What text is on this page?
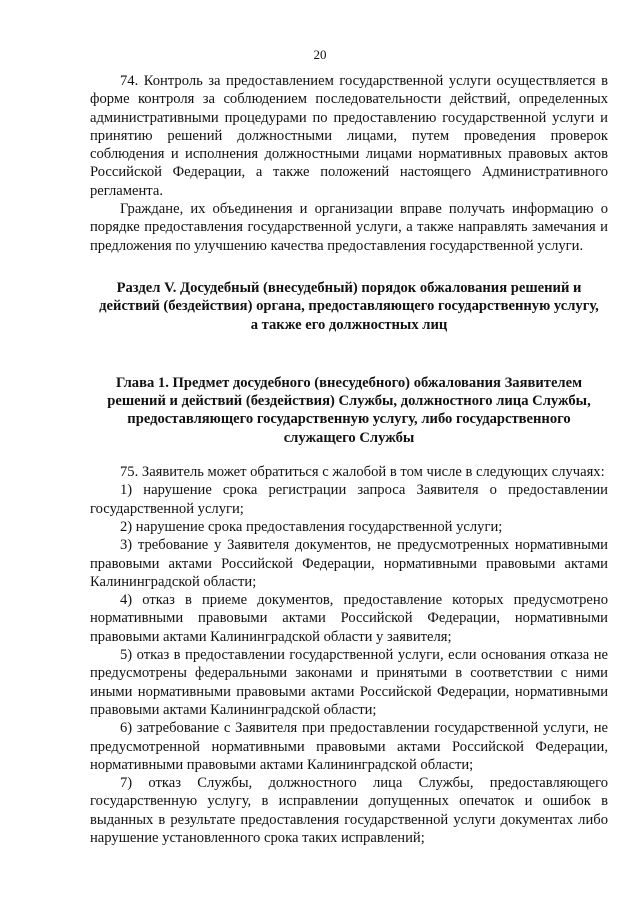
20

74. Контроль за предоставлением государственной услуги осуществляется в форме контроля за соблюдением последовательности действий, определенных административными процедурами по предоставлению государственной услуги и принятию решений должностными лицами, путем проведения проверок соблюдения и исполнения должностными лицами нормативных правовых актов Российской Федерации, а также положений настоящего Административного регламента.

Граждане, их объединения и организации вправе получать информацию о порядке предоставления государственной услуги, а также направлять замечания и предложения по улучшению качества предоставления государственной услуги.

Раздел V. Досудебный (внесудебный) порядок обжалования решений и действий (бездействия) органа, предоставляющего государственную услугу, а также его должностных лиц

Глава 1. Предмет досудебного (внесудебного) обжалования Заявителем решений и действий (бездействия) Службы, должностного лица Службы, предоставляющего государственную услугу, либо государственного служащего Службы

75. Заявитель может обратиться с жалобой в том числе в следующих случаях:

1) нарушение срока регистрации запроса Заявителя о предоставлении государственной услуги;

2) нарушение срока предоставления государственной услуги;

3) требование у Заявителя документов, не предусмотренных нормативными правовыми актами Российской Федерации, нормативными правовыми актами Калининградской области;

4) отказ в приеме документов, предоставление которых предусмотрено нормативными правовыми актами Российской Федерации, нормативными правовыми актами Калининградской области у заявителя;

5) отказ в предоставлении государственной услуги, если основания отказа не предусмотрены федеральными законами и принятыми в соответствии с ними иными нормативными правовыми актами Российской Федерации, нормативными правовыми актами Калининградской области;

6) затребование с Заявителя при предоставлении государственной услуги, не предусмотренной нормативными правовыми актами Российской Федерации, нормативными правовыми актами Калининградской области;

7) отказ Службы, должностного лица Службы, предоставляющего государственную услугу, в исправлении допущенных опечаток и ошибок в выданных в результате предоставления государственной услуги документах либо нарушение установленного срока таких исправлений;
